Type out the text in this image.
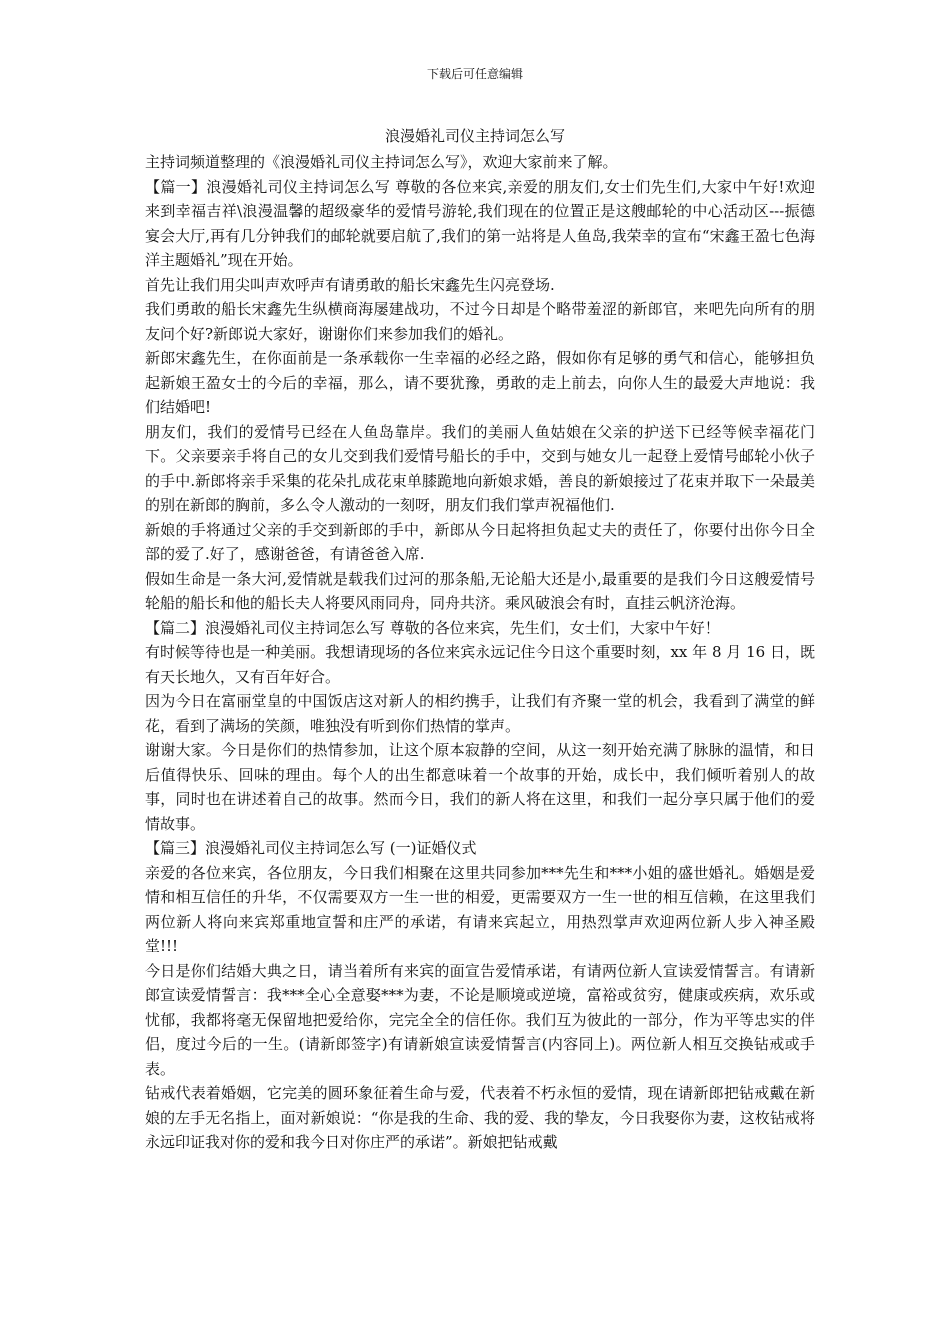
下载后可任意编辑
浪漫婚礼司仪主持词怎么写

主持词频道整理的《浪漫婚礼司仪主持词怎么写》，欢迎大家前来了解。

【篇一】浪漫婚礼司仪主持词怎么写 尊敬的各位来宾,亲爱的朋友们,女士们先生们,大家中午好!欢迎来到幸福吉祥\浪漫温馨的超级豪华的爱情号游轮,我们现在的位置正是这艘邮轮的中心活动区---振德宴会大厅,再有几分钟我们的邮轮就要启航了,我们的第一站将是人鱼岛,我荣幸的宣布“宋鑫王盈七色海洋主题婚礼”现在开始。

首先让我们用尖叫声欢呼声有请勇敢的船长宋鑫先生闪亮登场.

我们勇敢的船长宋鑫先生纵横商海屡建战功，不过今日却是个略带羞涩的新郎官，来吧先向所有的朋友问个好?新郎说大家好，谢谢你们来参加我们的婚礼。

新郎宋鑫先生，在你面前是一条承载你一生幸福的必经之路，假如你有足够的勇气和信心，能够担负起新娘王盈女士的今后的幸福，那么，请不要犹豫，勇敢的走上前去，向你人生的最爱大声地说：我们结婚吧!

朋友们，我们的爱情号已经在人鱼岛靠岸。我们的美丽人鱼姑娘在父亲的护送下已经等候幸福花门下。父亲要亲手将自己的女儿交到我们爱情号船长的手中，交到与她女儿一起登上爱情号邮轮小伙子的手中.新郎将亲手采集的花朵扎成花束单膝跪地向新娘求婚，善良的新娘接过了花束并取下一朵最美的别在新郎的胸前，多么令人激动的一刻呀，朋友们我们掌声祝福他们.

新娘的手将通过父亲的手交到新郎的手中，新郎从今日起将担负起丈夫的责任了，你要付出你今日全部的爱了.好了，感谢爸爸，有请爸爸入席.

假如生命是一条大河,爱情就是载我们过河的那条船,无论船大还是小,最重要的是我们今日这艘爱情号轮船的船长和他的船长夫人将要风雨同舟，同舟共济。乘风破浪会有时，直挂云帆济沧海。

【篇二】浪漫婚礼司仪主持词怎么写 尊敬的各位来宾，先生们，女士们，大家中午好！

有时候等待也是一种美丽。我想请现场的各位来宾永远记住今日这个重要时刻，xx 年 8 月 16 日，既有天长地久，又有百年好合。

因为今日在富丽堂皇的中国饭店这对新人的相约携手，让我们有齐聚一堂的机会，我看到了满堂的鲜花，看到了满场的笑颜，唯独没有听到你们热情的掌声。

谢谢大家。今日是你们的热情参加，让这个原本寂静的空间，从这一刻开始充满了脉脉的温情，和日后值得快乐、回味的理由。每个人的出生都意味着一个故事的开始，成长中，我们倾听着别人的故事，同时也在讲述着自己的故事。然而今日，我们的新人将在这里，和我们一起分享只属于他们的爱情故事。

【篇三】浪漫婚礼司仪主持词怎么写 (一)证婚仪式

亲爱的各位来宾，各位朋友，今日我们相聚在这里共同参加***先生和***小姐的盛世婚礼。婚姻是爱情和相互信任的升华，不仅需要双方一生一世的相爱，更需要双方一生一世的相互信赖，在这里我们两位新人将向来宾郑重地宣誓和庄严的承诺，有请来宾起立，用热烈掌声欢迎两位新人步入神圣殿堂!!!

今日是你们结婚大典之日，请当着所有来宾的面宣告爱情承诺，有请两位新人宣读爱情誓言。有请新郎宣读爱情誓言：我***全心全意娶***为妻，不论是顺境或逆境，富裕或贫穷，健康或疾病，欢乐或忧郁，我都将毫无保留地把爱给你，完完全全的信任你。我们互为彼此的一部分，作为平等忠实的伴侣，度过今后的一生。(请新郎签字)有请新娘宣读爱情誓言(内容同上)。两位新人相互交换钻戒或手表。

钻戒代表着婚姻，它完美的圆环象征着生命与爱，代表着不朽永恒的爱情，现在请新郎把钻戒戴在新娘的左手无名指上，面对新娘说：“你是我的生命、我的爱、我的挚友，今日我娶你为妻，这枚钻戒将永远印证我对你的爱和我今日对你庄严的承诺”。新娘把钻戒戴
